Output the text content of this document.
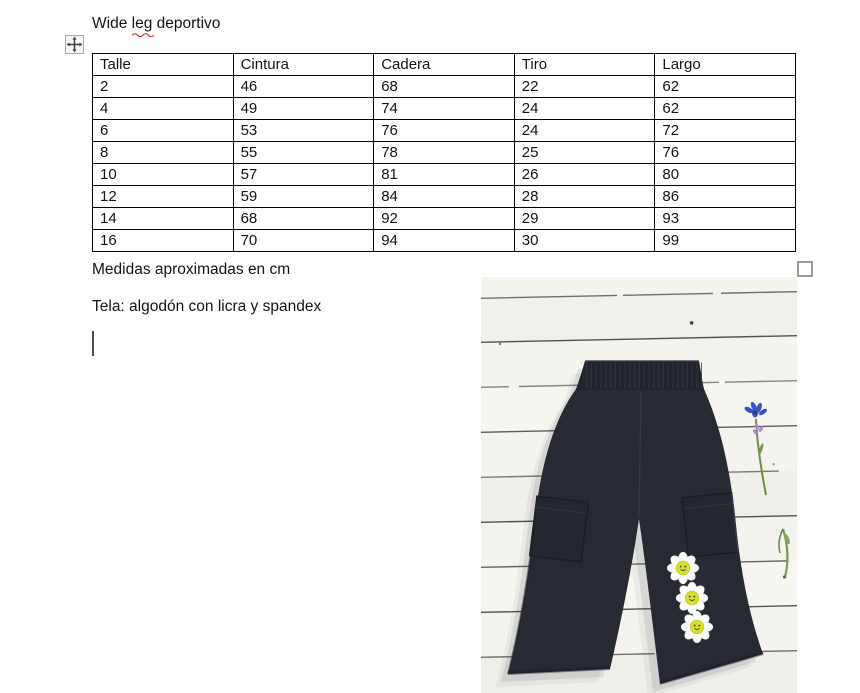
Wide leg
deportivo
Talle	Cintura	Cadera	Tiro	Largo
2	46	68	22	62
4	49	74	24	62
6	53	76	24	72
8	55	78	25	76
10	57	81	26	80
12	59	84	28	86
14	68	92	29	93
16	70	94	30	99
Medidas aproximadas en cm
Tela: algodón con licra y spandex
